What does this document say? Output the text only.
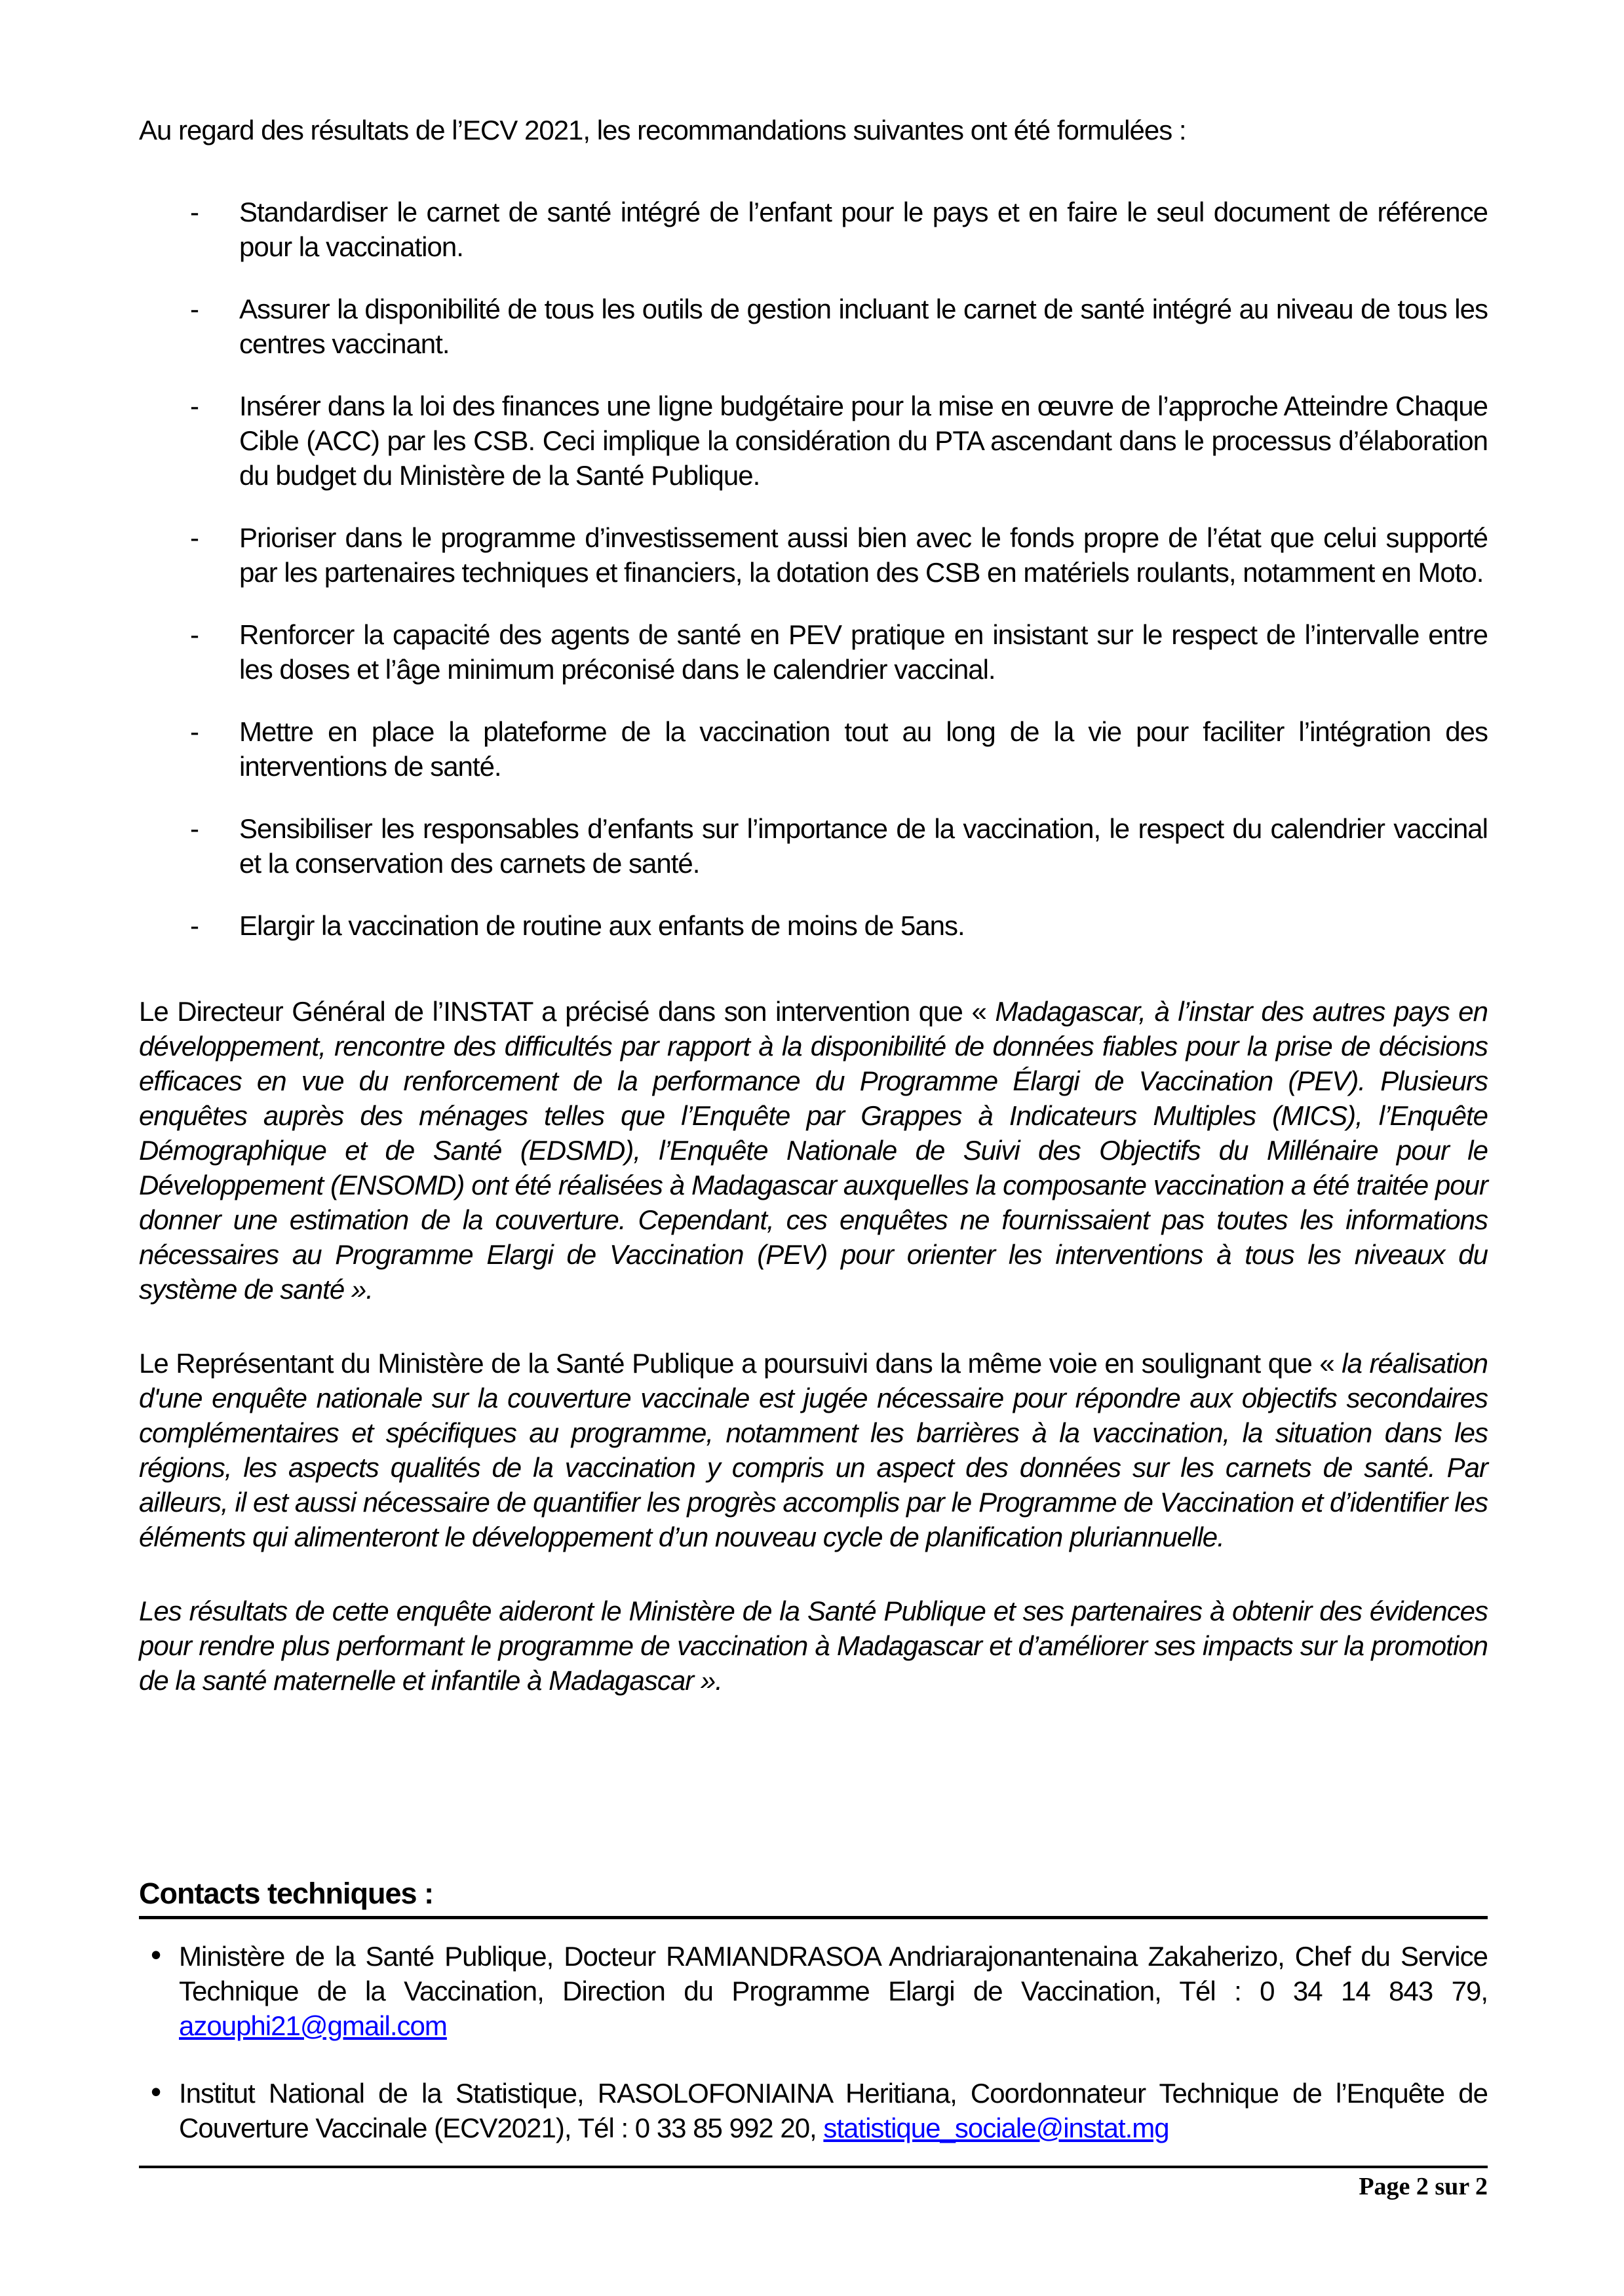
Au regard des résultats de l’ECV 2021, les recommandations suivantes ont été formulées :

- Standardiser le carnet de santé intégré de l’enfant pour le pays et en faire le seul document de référence pour la vaccination.
- Assurer la disponibilité de tous les outils de gestion incluant le carnet de santé intégré au niveau de tous les centres vaccinant.
- Insérer dans la loi des finances une ligne budgétaire pour la mise en œuvre de l’approche Atteindre Chaque Cible (ACC) par les CSB. Ceci implique la considération du PTA ascendant dans le processus d’élaboration du budget du Ministère de la Santé Publique.
- Prioriser dans le programme d’investissement aussi bien avec le fonds propre de l’état que celui supporté par les partenaires techniques et financiers, la dotation des CSB en matériels roulants, notamment en Moto.
- Renforcer la capacité des agents de santé en PEV pratique en insistant sur le respect de l’intervalle entre les doses et l’âge minimum préconisé dans le calendrier vaccinal.
- Mettre en place la plateforme de la vaccination tout au long de la vie pour faciliter l’intégration des interventions de santé.
- Sensibiliser les responsables d’enfants sur l’importance de la vaccination, le respect du calendrier vaccinal et la conservation des carnets de santé.
- Elargir la vaccination de routine aux enfants de moins de 5ans.

Le Directeur Général de l’INSTAT a précisé dans son intervention que « Madagascar, à l’instar des autres pays en développement, rencontre des difficultés par rapport à la disponibilité de données fiables pour la prise de décisions efficaces en vue du renforcement de la performance du Programme Élargi de Vaccination (PEV). Plusieurs enquêtes auprès des ménages telles que l’Enquête par Grappes à Indicateurs Multiples (MICS), l’Enquête Démographique et de Santé (EDSMD), l’Enquête Nationale de Suivi des Objectifs du Millénaire pour le Développement (ENSOMD) ont été réalisées à Madagascar auxquelles la composante vaccination a été traitée pour donner une estimation de la couverture. Cependant, ces enquêtes ne fournissaient pas toutes les informations nécessaires au Programme Elargi de Vaccination (PEV) pour orienter les interventions à tous les niveaux du système de santé ».

Le Représentant du Ministère de la Santé Publique a poursuivi dans la même voie en soulignant que « la réalisation d'une enquête nationale sur la couverture vaccinale est jugée nécessaire pour répondre aux objectifs secondaires complémentaires et spécifiques au programme, notamment les barrières à la vaccination, la situation dans les régions, les aspects qualités de la vaccination y compris un aspect des données sur les carnets de santé. Par ailleurs, il est aussi nécessaire de quantifier les progrès accomplis par le Programme de Vaccination et d’identifier les éléments qui alimenteront le développement d’un nouveau cycle de planification pluriannuelle.

Les résultats de cette enquête aideront le Ministère de la Santé Publique et ses partenaires à obtenir des évidences pour rendre plus performant le programme de vaccination à Madagascar et d’améliorer ses impacts sur la promotion de la santé maternelle et infantile à Madagascar ».

Contacts techniques :
• Ministère de la Santé Publique, Docteur RAMIANDRASOA Andriarajonantenaina Zakaherizo, Chef du Service Technique de la Vaccination, Direction du Programme Elargi de Vaccination, Tél : 0 34 14 843 79, azouphi21@gmail.com
• Institut National de la Statistique, RASOLOFONIAINA Heritiana, Coordonnateur Technique de l’Enquête de Couverture Vaccinale (ECV2021), Tél : 0 33 85 992 20, statistique_sociale@instat.mg
Page 2 sur 2
